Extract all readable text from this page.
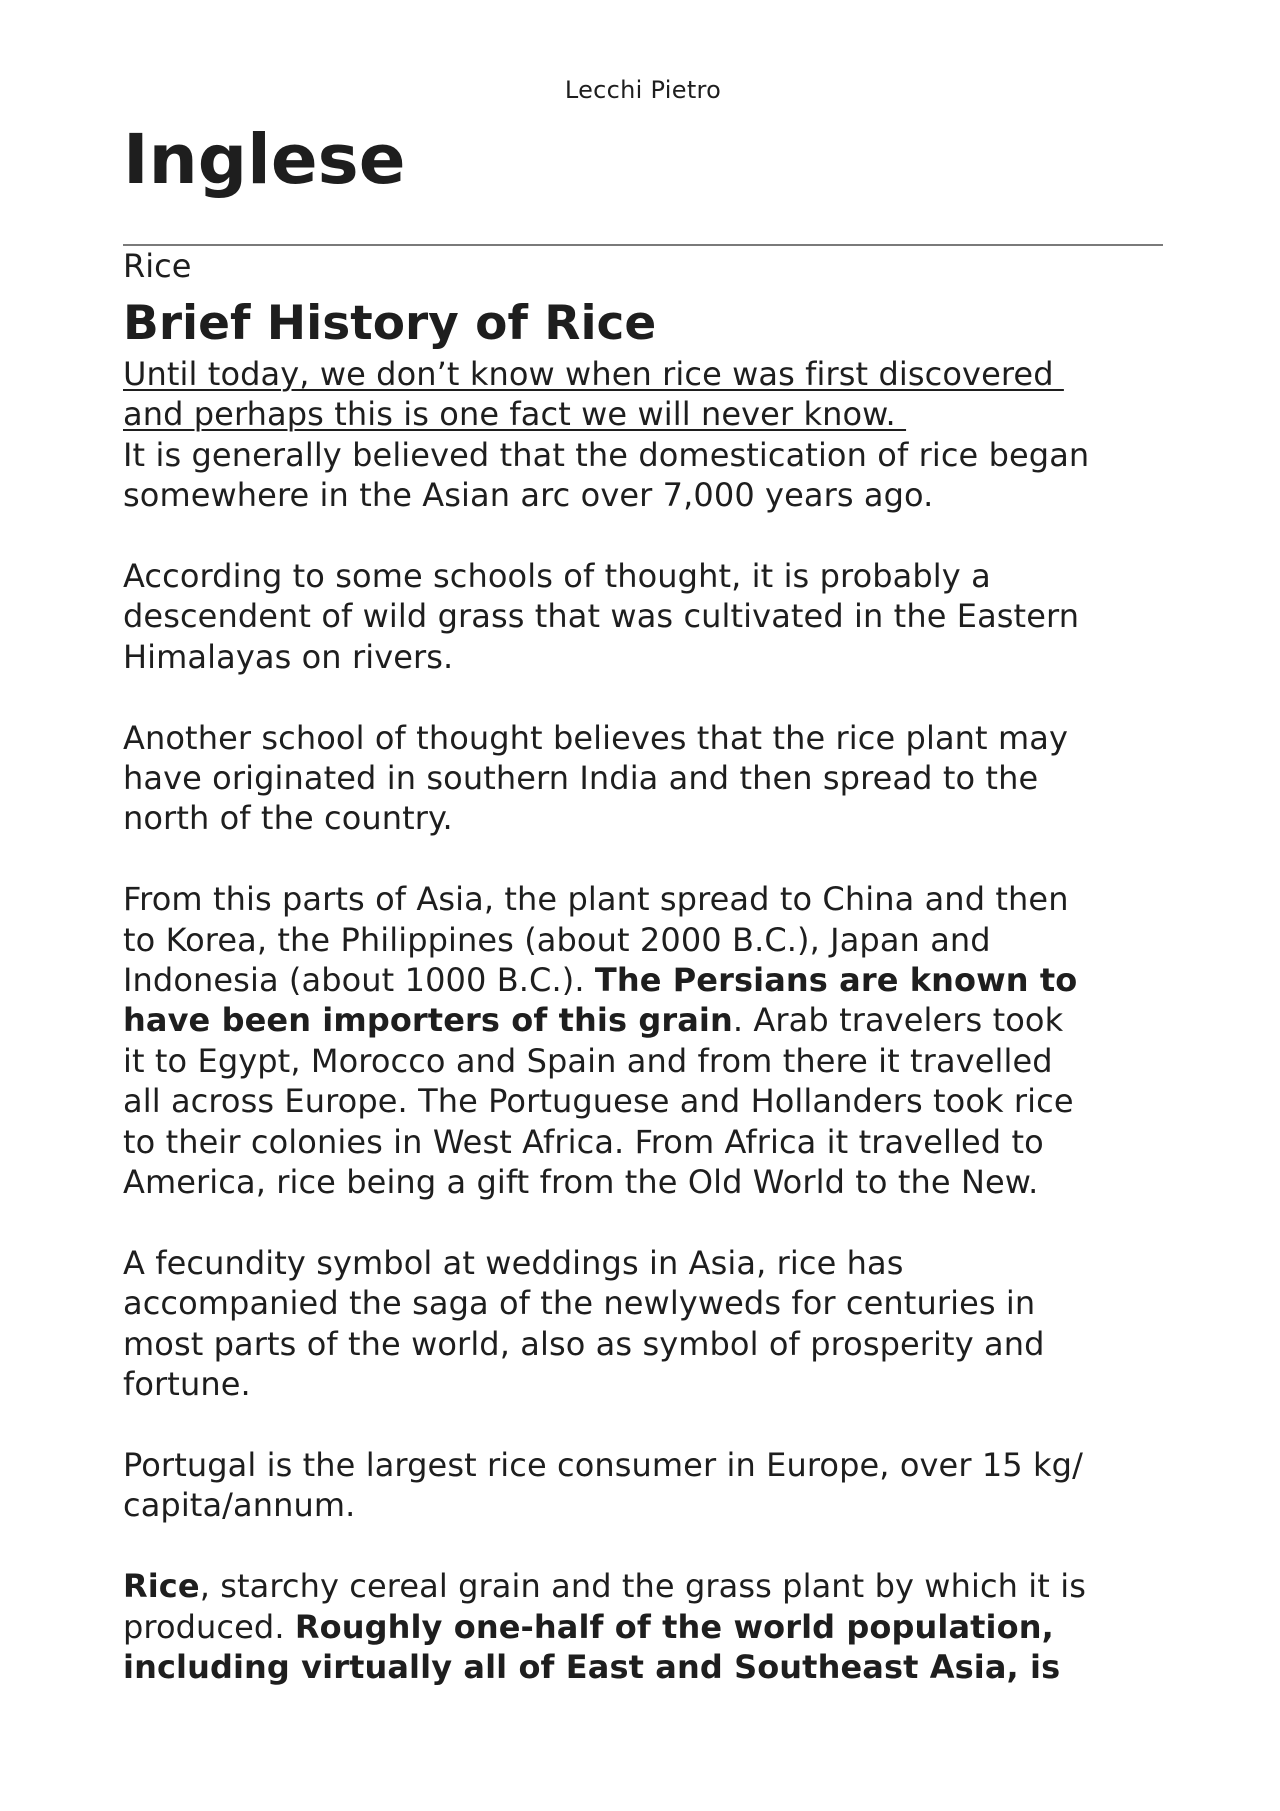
Lecchi Pietro
Inglese
Rice
Brief History of Rice

Until today, we don’t know when rice was first discovered
and perhaps this is one fact we will never know.
It is generally believed that the domestication of rice began
somewhere in the Asian arc over 7,000 years ago.

According to some schools of thought, it is probably a
descendent of wild grass that was cultivated in the Eastern
Himalayas on rivers.

Another school of thought believes that the rice plant may
have originated in southern India and then spread to the
north of the country.

From this parts of Asia, the plant spread to China and then
to Korea, the Philippines (about 2000 B.C.), Japan and
Indonesia (about 1000 B.C.). The Persians are known to
have been importers of this grain. Arab travelers took
it to Egypt, Morocco and Spain and from there it travelled
all across Europe. The Portuguese and Hollanders took rice
to their colonies in West Africa. From Africa it travelled to
America, rice being a gift from the Old World to the New.

A fecundity symbol at weddings in Asia, rice has
accompanied the saga of the newlyweds for centuries in
most parts of the world, also as symbol of prosperity and
fortune.

Portugal is the largest rice consumer in Europe, over 15 kg/
capita/annum.

Rice, starchy cereal grain and the grass plant by which it is
produced. Roughly one-half of the world population,
including virtually all of East and Southeast Asia, is
